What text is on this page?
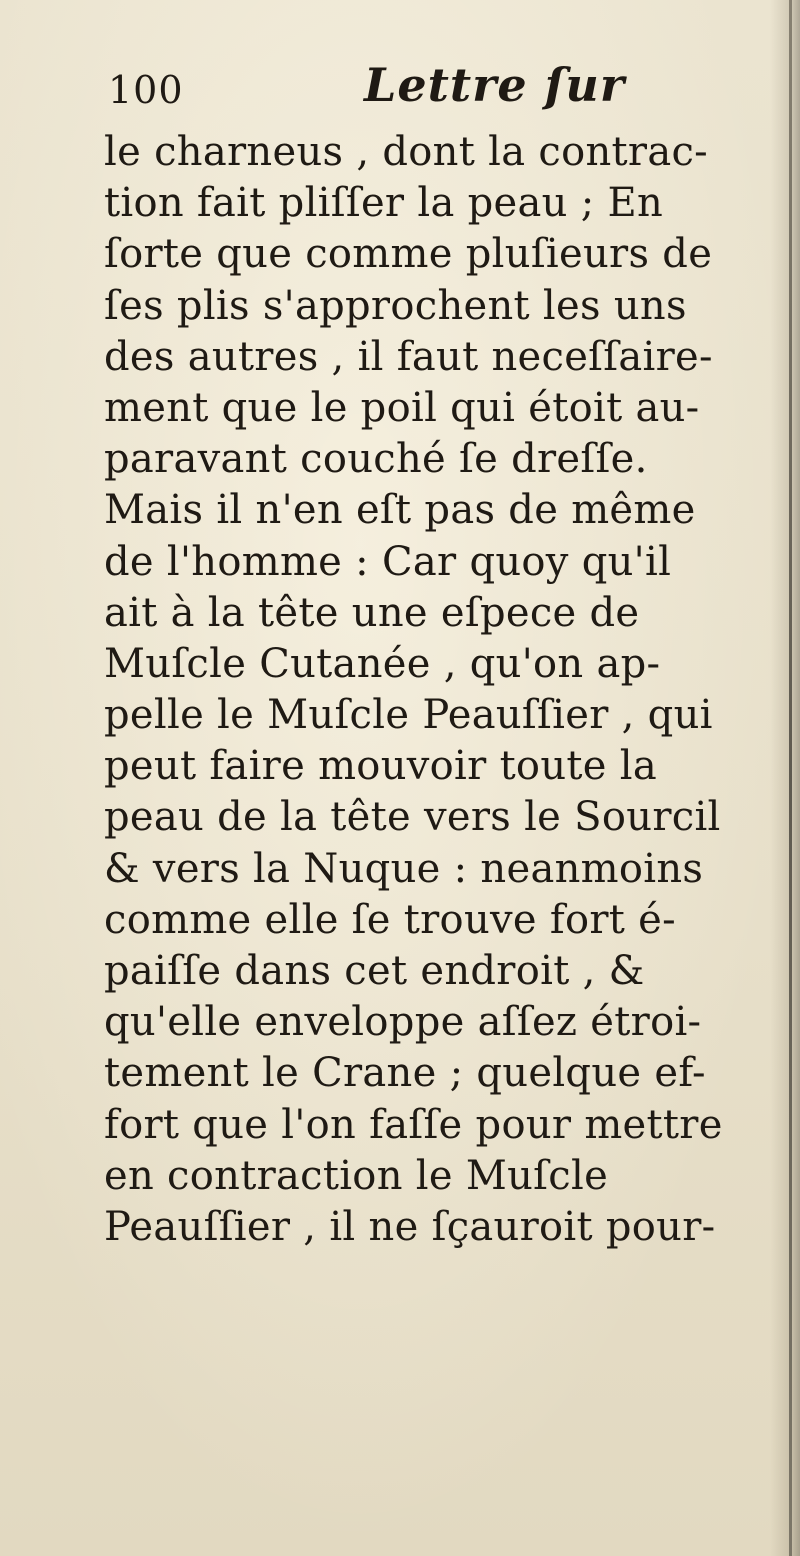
100	Lettre ſur
le charneus , dont la contrac-
tion fait pliſſer la peau ; En
ſorte que comme pluſieurs de
ſes plis s'approchent les uns
des autres , il faut neceſſaire-
ment que le poil qui étoit au-
paravant couché ſe dreſſe.
Mais il n'en eſt pas de même
de l'homme : Car quoy qu'il
ait à la tête une eſpece de
Muſcle Cutanée , qu'on ap-
pelle le Muſcle Peauſſier , qui
peut faire mouvoir toute la
peau de la tête vers le Sourcil
& vers la Nuque : neanmoins
comme elle ſe trouve fort é-
paiſſe dans cet endroit , &
qu'elle enveloppe aſſez étroi-
tement le Crane ; quelque ef-
fort que l'on faſſe pour mettre
en contraction le Muſcle
Peauſſier , il ne ſçauroit pour-
